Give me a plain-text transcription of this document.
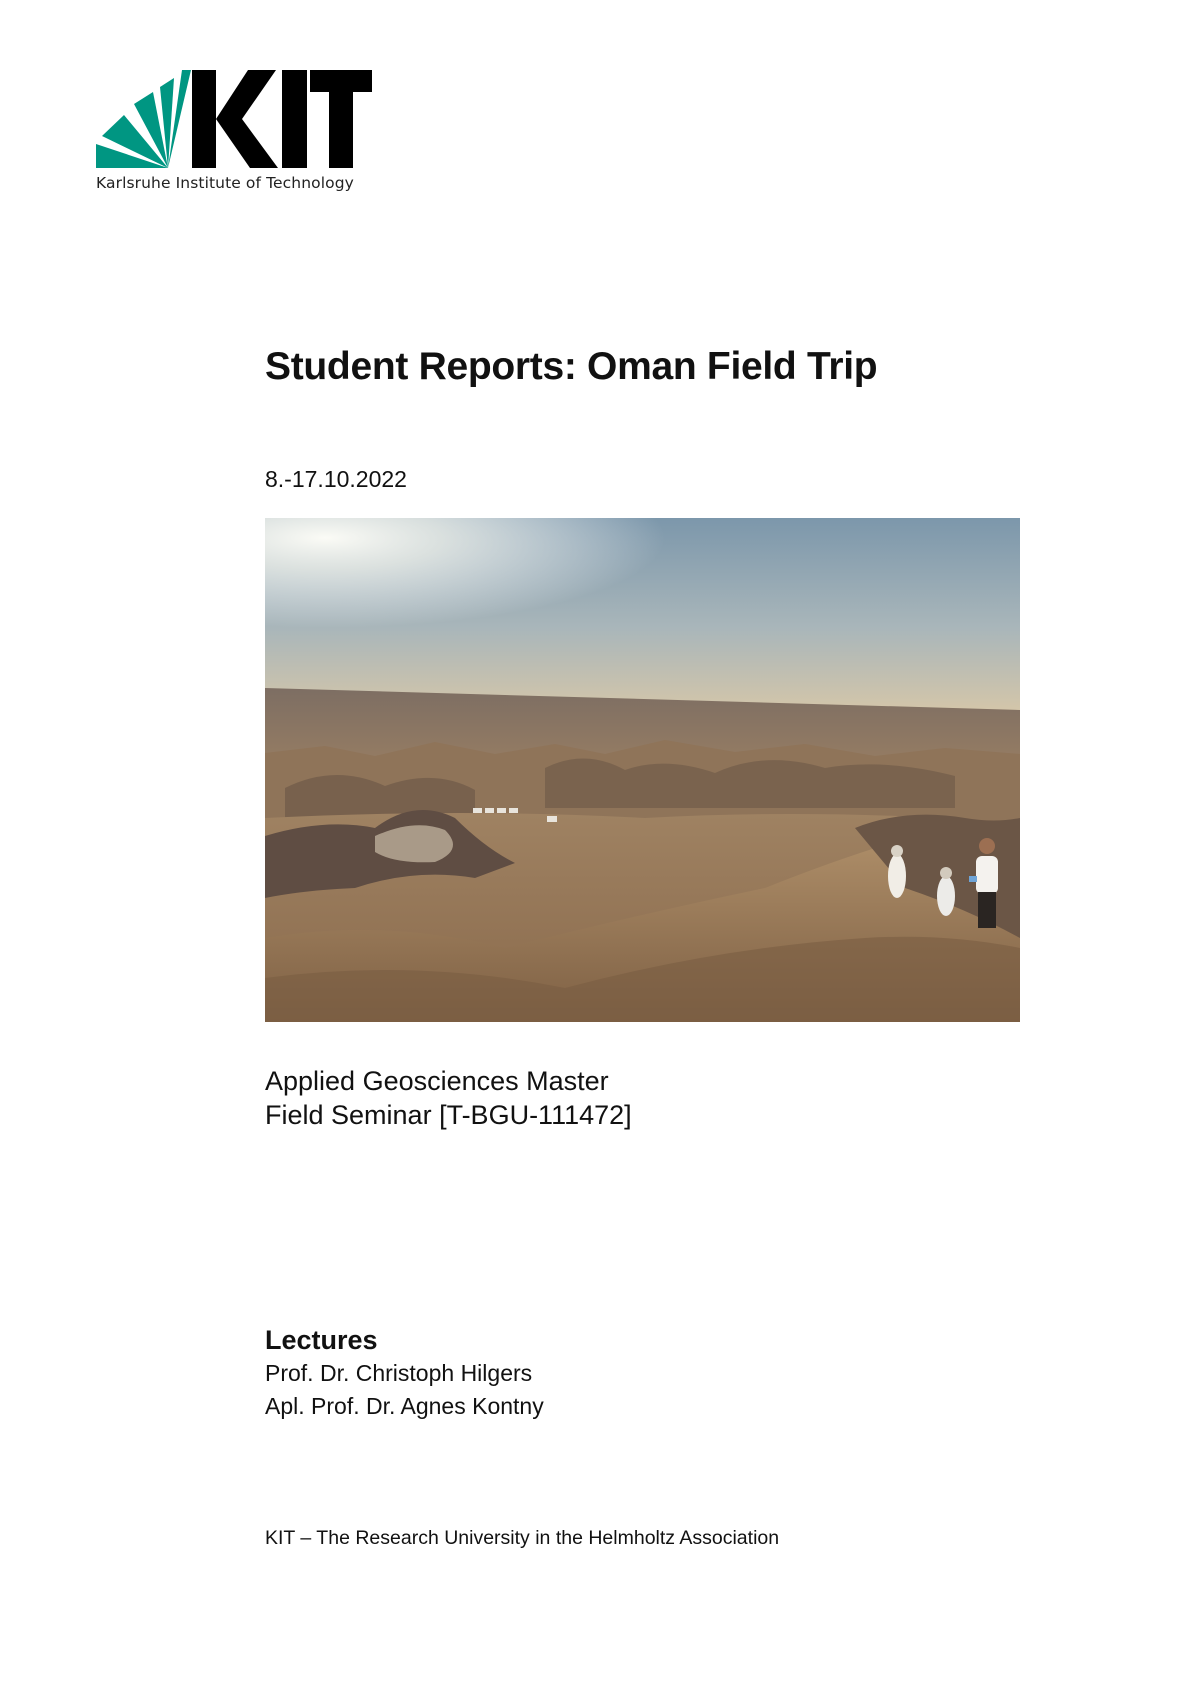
Karlsruhe Institute of Technology
Student Reports: Oman Field Trip
8.-17.10.2022
Applied Geosciences Master
Field Seminar [T-BGU-111472]
Lectures
Prof. Dr. Christoph Hilgers
Apl. Prof. Dr. Agnes Kontny
KIT – The Research University in the Helmholtz Association
